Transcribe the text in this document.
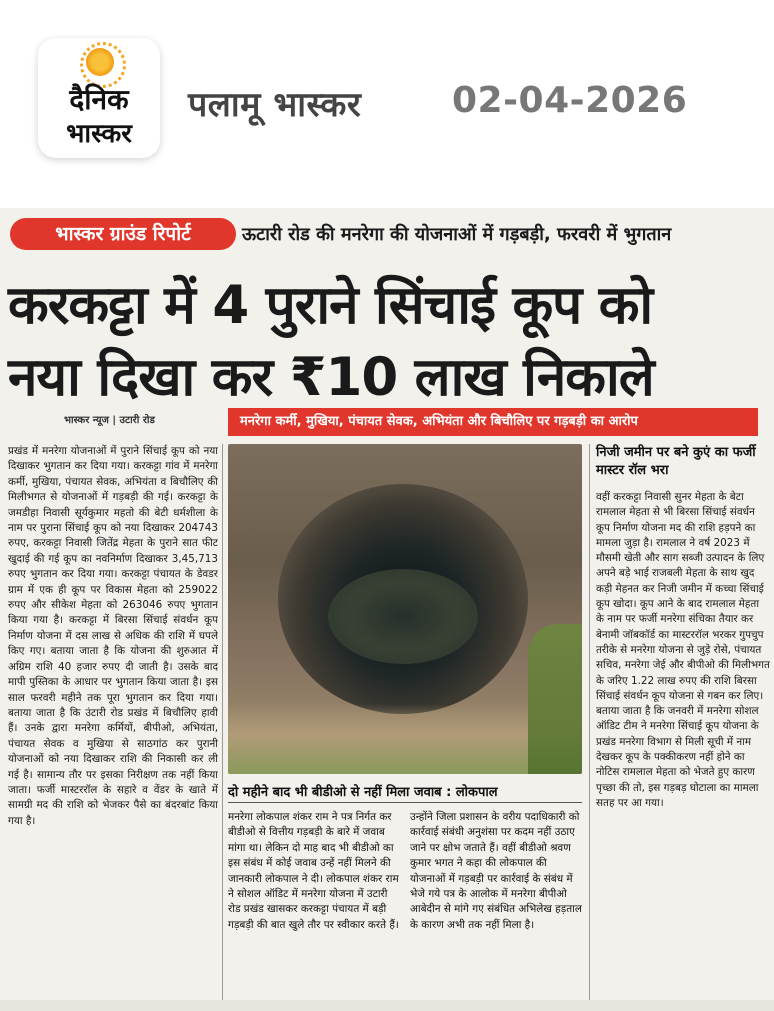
दैनिक
भास्कर
पलामू भास्कर	02-04-2026
भास्कर ग्राउंड रिपोर्ट	ऊटारी रोड की मनरेगा की योजनाओं में गड़बड़ी, फरवरी में भुगतान
करकट्टा में 4 पुराने सिंचाई कूप को
नया दिखा कर ₹10 लाख निकाले
भास्कर न्यूज | उटारी रोड	मनरेगा कर्मी, मुखिया, पंचायत सेवक, अभियंता और बिचौलिए पर गड़बड़ी का आरोप
प्रखंड में मनरेगा योजनाओं में पुराने सिंचाई कूप को नया दिखाकर भुगतान कर दिया गया। करकट्टा गांव में मनरेगा कर्मी, मुखिया, पंचायत सेवक, अभियंता व बिचौलिए की मिलीभगत से योजनाओं में गड़बड़ी की गई। करकट्टा के जमडीहा निवासी सूर्यकुमार महतो की बेटी धर्मशीला के नाम पर पुराना सिंचाई कूप को नया दिखाकर 204743 रुपए, करकट्टा निवासी जितेंद्र मेहता के पुराने सात फीट खुदाई की गई कूप का नवनिर्माण दिखाकर 3,45,713 रुपए भुगतान कर दिया गया। करकट्टा पंचायत के डेवडर ग्राम में एक ही कूप पर विकास मेहता को 259022 रुपए और सीकेश मेहता को 263046 रुपए भुगतान किया गया है। करकट्टा में बिरसा सिंचाई संवर्धन कूप निर्माण योजना में दस लाख से अधिक की राशि में घपले किए गए। बताया जाता है कि योजना की शुरुआत में अग्रिम राशि 40 हजार रुपए दी जाती है। उसके बाद मापी पुस्तिका के आधार पर भुगतान किया जाता है। इस साल फरवरी महीने तक पूरा भुगतान कर दिया गया। बताया जाता है कि उंटारी रोड प्रखंड में बिचौलिए हावी हैं। उनके द्वारा मनरेगा कर्मियों, बीपीओ, अभियंता, पंचायत सेवक व मुखिया से साठगांठ कर पुरानी योजनाओं को नया दिखाकर राशि की निकासी कर ली गई है। सामान्य तौर पर इसका निरीक्षण तक नहीं किया जाता। फर्जी मास्टररॉल के सहारे व वेंडर के खाते में सामग्री मद की राशि को भेजकर पैसे का बंदरबांट किया गया है।
निजी जमीन पर बने कुएं का फर्जी मास्टर रॉल भरा
वहीं करकट्टा निवासी सुनर मेहता के बेटा रामलाल मेहता से भी बिरसा सिंचाई संवर्धन कूप निर्माण योजना मद की राशि हड़पने का मामला जुड़ा है। रामलाल ने वर्ष 2023 में मौसमी खेती और साग सब्जी उत्पादन के लिए अपने बड़े भाई राजबली मेहता के साथ खुद कड़ी मेहनत कर निजी जमीन में कच्चा सिंचाई कूप खोदा। कूप आने के बाद रामलाल मेहता के नाम पर फर्जी मनरेगा संचिका तैयार कर बेनामी जॉबकॉर्ड का मास्टररॉल भरकर गुपचुप तरीके से मनरेगा योजना से जुड़े रोसे, पंचायत सचिव, मनरेगा जेई और बीपीओ की मिलीभगत के जरिए 1.22 लाख रुपए की राशि बिरसा सिंचाई संवर्धन कूप योजना से गबन कर लिए। बताया जाता है कि जनवरी में मनरेगा सोशल ऑडिट टीम ने मनरेगा सिंचाई कूप योजना के प्रखंड मनरेगा विभाग से मिली सूची में नाम देखकर कूप के पक्कीकरण नहीं होने का नोटिस रामलाल मेहता को भेजते हुए कारण पृच्छा की तो, इस गड़बड़ घोटाला का मामला सतह पर आ गया।
दो महीने बाद भी बीडीओ से नहीं मिला जवाब : लोकपाल
मनरेगा लोकपाल शंकर राम ने पत्र निर्गत कर बीडीओ से वित्तीय गड़बड़ी के बारे में जवाब मांगा था। लेकिन दो माह बाद भी बीडीओ का इस संबंध में कोई जवाब उन्हें नहीं मिलने की जानकारी लोकपाल ने दी। लोकपाल शंकर राम ने सोशल ऑडिट में मनरेगा योजना में उटारी रोड प्रखंड खासकर करकट्टा पंचायत में बड़ी गड़बड़ी की बात खुले तौर पर स्वीकार करते हैं।
उन्होंने जिला प्रशासन के वरीय पदाधिकारी को कार्रवाई संबंधी अनुशंसा पर कदम नहीं उठाए जाने पर क्षोभ जताते हैं। वहीं बीडीओ श्रवण कुमार भगत ने कहा की लोकपाल की योजनाओं में गड़बड़ी पर कार्रवाई के संबंध में भेजे गये पत्र के आलोक में मनरेगा बीपीओ आबेदीन से मांगे गए संबंधित अभिलेख हड़ताल के कारण अभी तक नहीं मिला है।
